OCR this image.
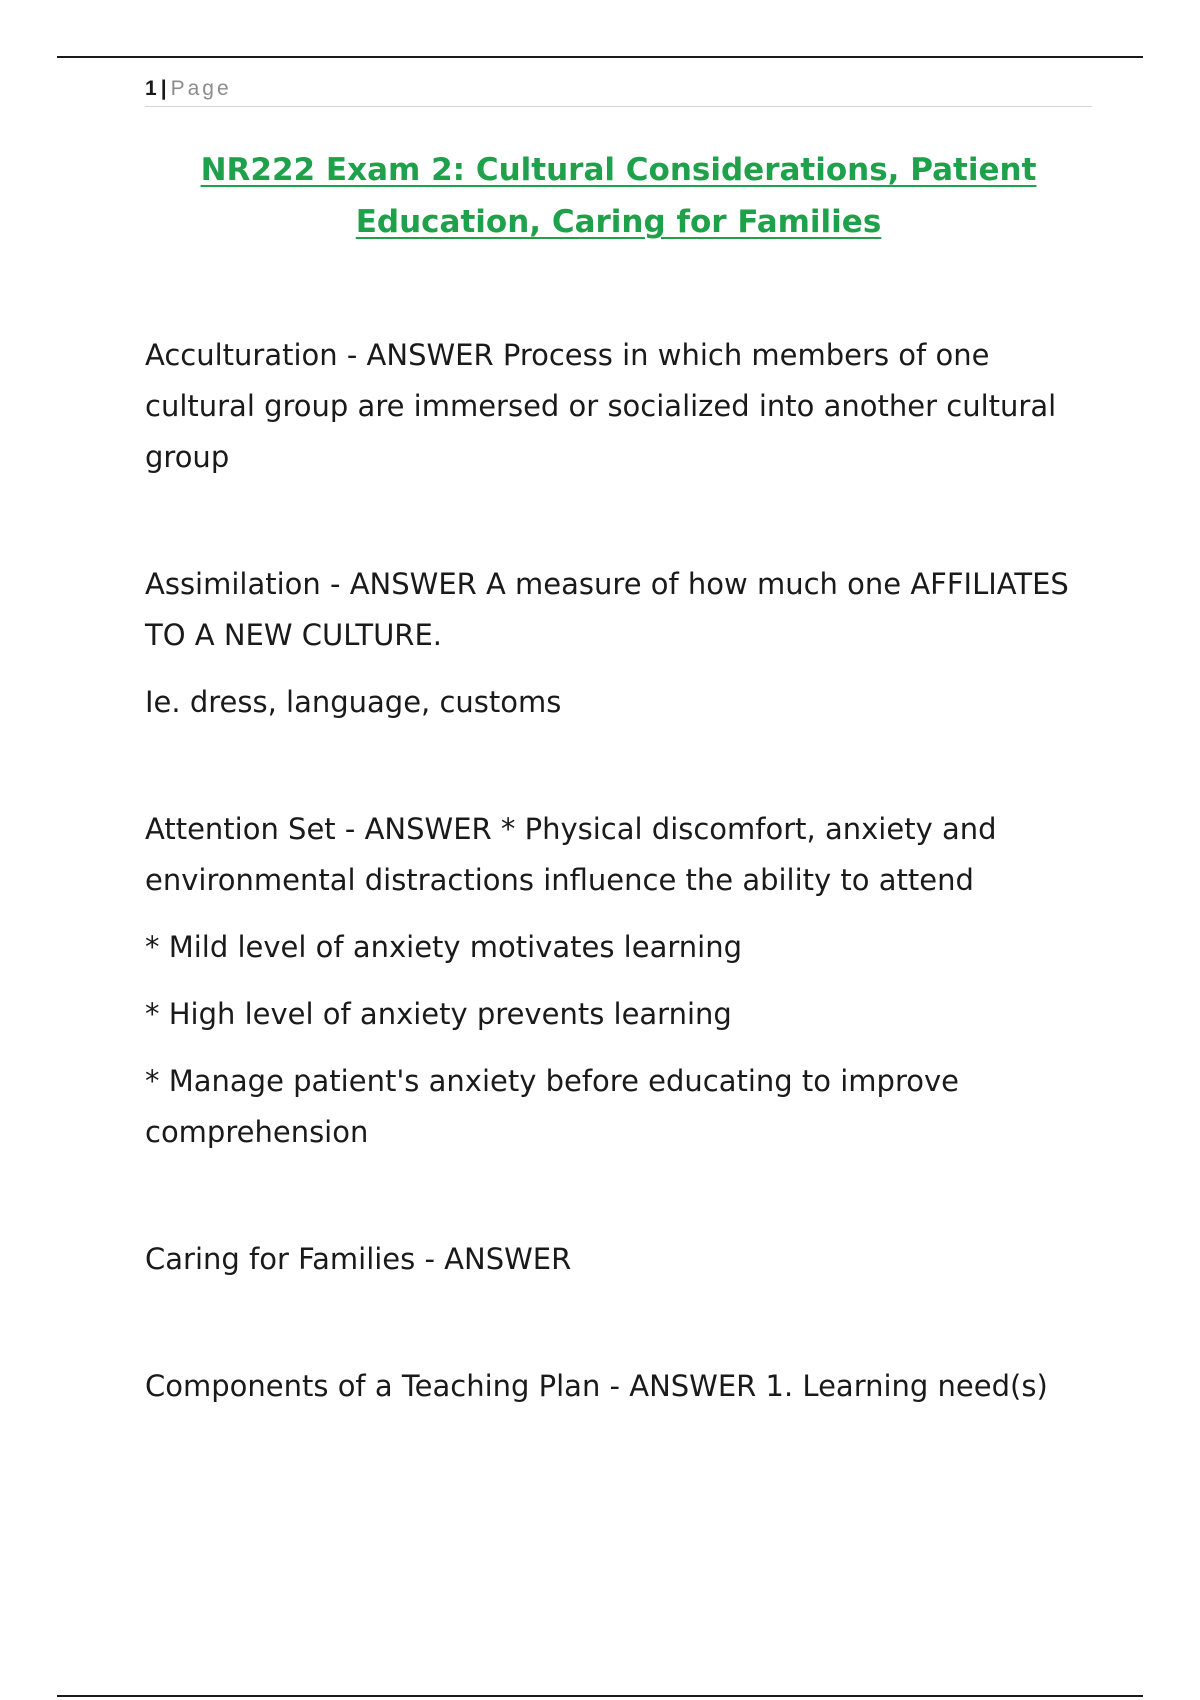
1 | Page
NR222 Exam 2: Cultural Considerations, Patient
Education, Caring for Families

Acculturation - ANSWER Process in which members of one cultural group are immersed or socialized into another cultural group

Assimilation - ANSWER A measure of how much one AFFILIATES TO A NEW CULTURE.

Ie. dress, language, customs

Attention Set - ANSWER * Physical discomfort, anxiety and environmental distractions influence the ability to attend

* Mild level of anxiety motivates learning

* High level of anxiety prevents learning

* Manage patient's anxiety before educating to improve comprehension

Caring for Families - ANSWER

Components of a Teaching Plan - ANSWER 1. Learning need(s)
